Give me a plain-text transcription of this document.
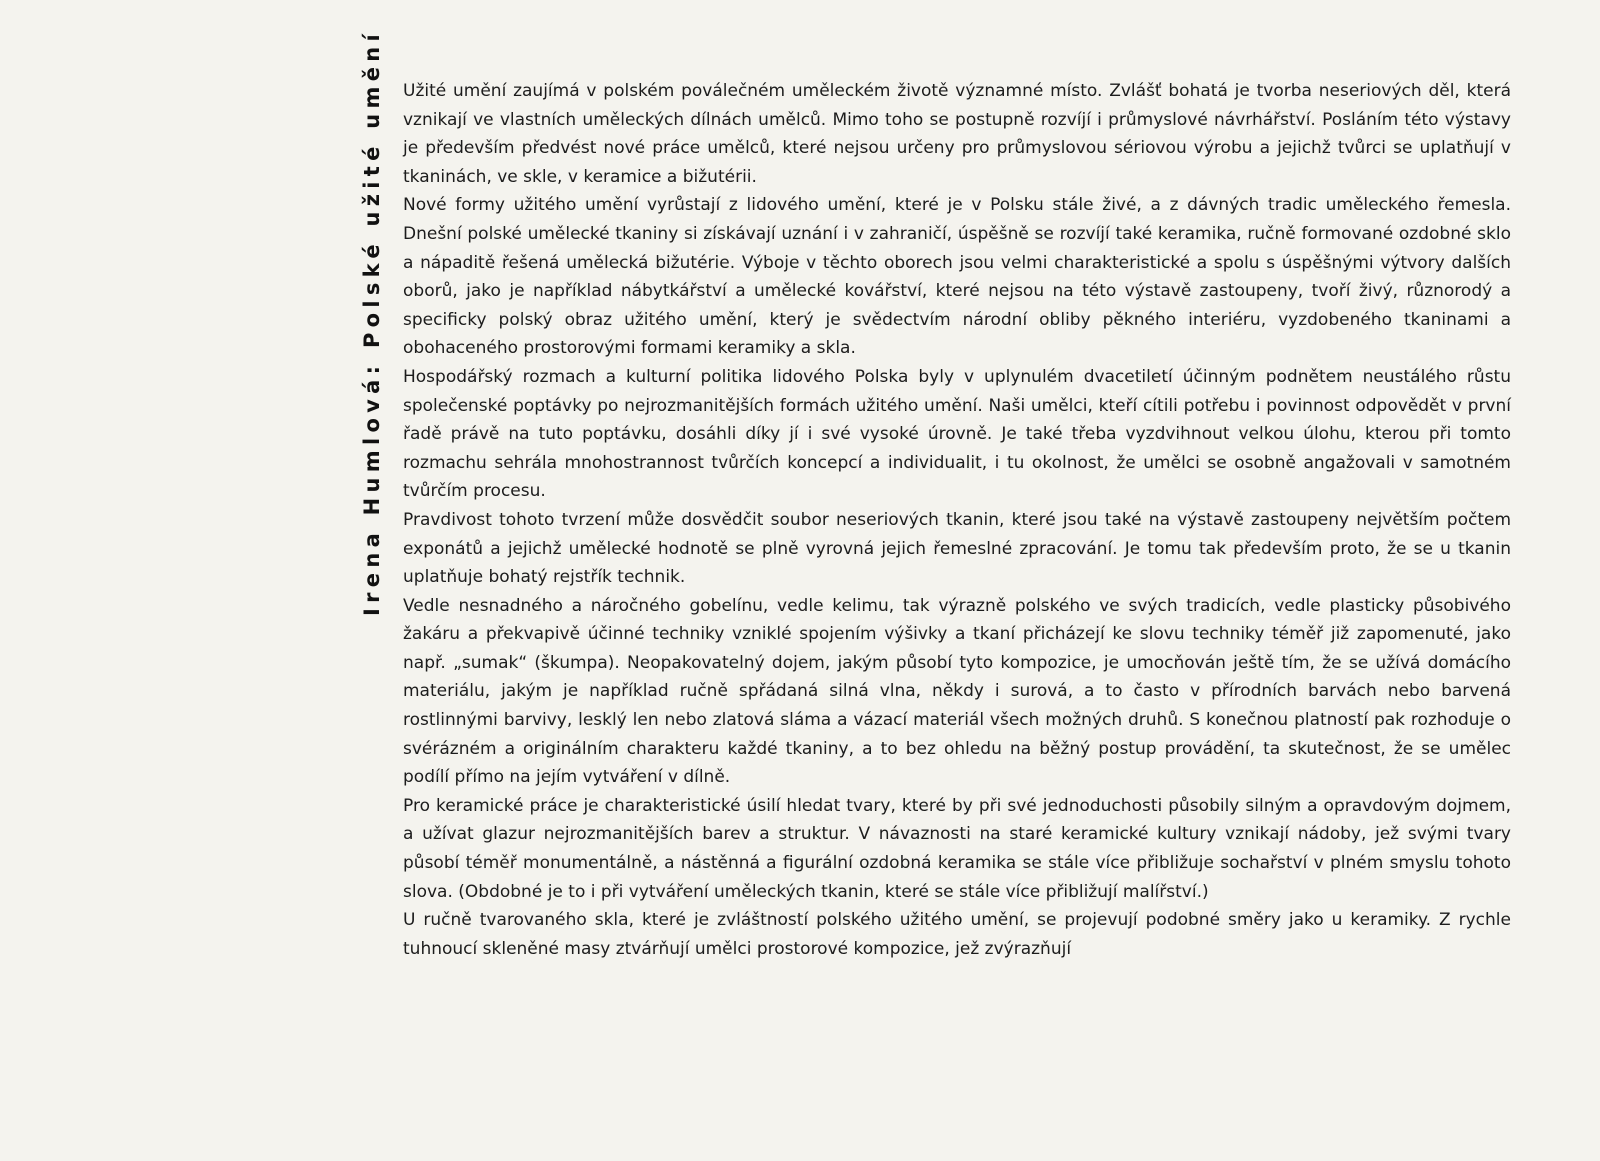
Irena Humlová: Polské užité umění Užité umění zaujímá v polském poválečném uměleckém životě významné místo. Zvlášť bohatá je tvorba neseriových děl, která vznikají ve vlastních uměleckých dílnách umělců. Mimo toho se postupně rozvíjí i průmyslové návrhářství. Posláním této výstavy je především předvést nové práce umělců, které nejsou určeny pro průmyslovou sériovou výrobu a jejichž tvůrci se uplatňují v tkaninách, ve skle, v keramice a bižutérii.

Nové formy užitého umění vyrůstají z lidového umění, které je v Polsku stále živé, a z dávných tradic uměleckého řemesla. Dnešní polské umělecké tkaniny si získávají uznání i v zahraničí, úspěšně se rozvíjí také keramika, ručně formované ozdobné sklo a nápaditě řešená umělecká bižutérie. Výboje v těchto oborech jsou velmi charakteristické a spolu s úspěšnými výtvory dalších oborů, jako je například nábytkářství a umělecké kovářství, které nejsou na této výstavě zastoupeny, tvoří živý, různorodý a specificky polský obraz užitého umění, který je svědectvím národní obliby pěkného interiéru, vyzdobeného tkaninami a obohaceného prostorovými formami keramiky a skla.

Hospodářský rozmach a kulturní politika lidového Polska byly v uplynulém dvacetiletí účinným podnětem neustálého růstu společenské poptávky po nejrozmanitějších formách užitého umění. Naši umělci, kteří cítili potřebu i povinnost odpovědět v první řadě právě na tuto poptávku, dosáhli díky jí i své vysoké úrovně. Je také třeba vyzdvihnout velkou úlohu, kterou při tomto rozmachu sehrála mnohostrannost tvůrčích koncepcí a individualit, i tu okolnost, že umělci se osobně angažovali v samotném tvůrčím procesu.

Pravdivost tohoto tvrzení může dosvědčit soubor neseriových tkanin, které jsou také na výstavě zastoupeny největším počtem exponátů a jejichž umělecké hodnotě se plně vyrovná jejich řemeslné zpracování. Je tomu tak především proto, že se u tkanin uplatňuje bohatý rejstřík technik.

Vedle nesnadného a náročného gobelínu, vedle kelimu, tak výrazně polského ve svých tradicích, vedle plasticky působivého žakáru a překvapivě účinné techniky vzniklé spojením výšivky a tkaní přicházejí ke slovu techniky téměř již zapomenuté, jako např. „sumak“ (škumpa). Neopakovatelný dojem, jakým působí tyto kompozice, je umocňován ještě tím, že se užívá domácího materiálu, jakým je například ručně spřádaná silná vlna, někdy i surová, a to často v přírodních barvách nebo barvená rostlinnými barvivy, lesklý len nebo zlatová sláma a vázací materiál všech možných druhů. S konečnou platností pak rozhoduje o svérázném a originálním charakteru každé tkaniny, a to bez ohledu na běžný postup provádění, ta skutečnost, že se umělec podílí přímo na jejím vytváření v dílně.

Pro keramické práce je charakteristické úsilí hledat tvary, které by při své jednoduchosti působily silným a opravdovým dojmem, a užívat glazur nejrozmanitějších barev a struktur. V návaznosti na staré keramické kultury vznikají nádoby, jež svými tvary působí téměř monumentálně, a nástěnná a figurální ozdobná keramika se stále více přibližuje sochařství v plném smyslu tohoto slova. (Obdobné je to i při vytváření uměleckých tkanin, které se stále více přibližují malířství.)

U ručně tvarovaného skla, které je zvláštností polského užitého umění, se projevují podobné směry jako u keramiky. Z rychle tuhnoucí skleněné masy ztvárňují umělci prostorové kompozice, jež zvýrazňují
